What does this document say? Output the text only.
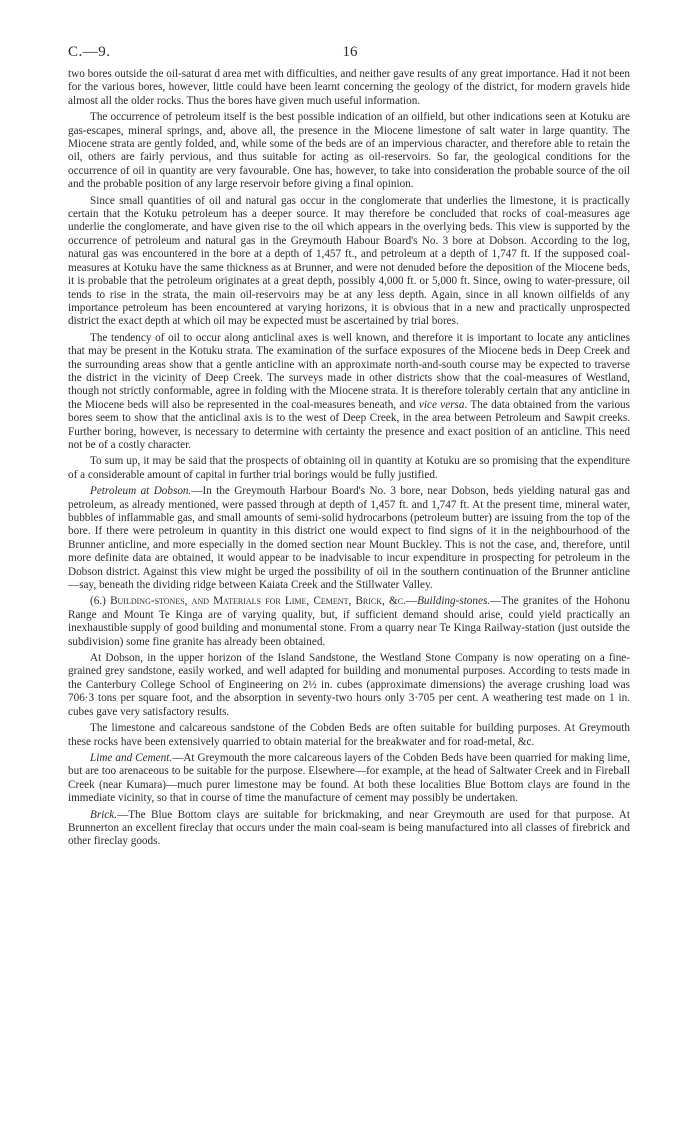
C.—9.	16

two bores outside the oil-saturat d area met with difficulties, and neither gave results of any great importance. Had it not been for the various bores, however, little could have been learnt concerning the geology of the district, for modern gravels hide almost all the older rocks. Thus the bores have given much useful information.

The occurrence of petroleum itself is the best possible indication of an oilfield, but other indications seen at Kotuku are gas-escapes, mineral springs, and, above all, the presence in the Miocene limestone of salt water in large quantity. The Miocene strata are gently folded, and, while some of the beds are of an impervious character, and therefore able to retain the oil, others are fairly pervious, and thus suitable for acting as oil-reservoirs. So far, the geological conditions for the occurrence of oil in quantity are very favourable. One has, however, to take into consideration the probable source of the oil and the probable position of any large reservoir before giving a final opinion.

Since small quantities of oil and natural gas occur in the conglomerate that underlies the limestone, it is practically certain that the Kotuku petroleum has a deeper source. It may therefore be concluded that rocks of coal-measures age underlie the conglomerate, and have given rise to the oil which appears in the overlying beds. This view is supported by the occurrence of petroleum and natural gas in the Greymouth Habour Board's No. 3 bore at Dobson. According to the log, natural gas was encountered in the bore at a depth of 1,457 ft., and petroleum at a depth of 1,747 ft. If the supposed coal-measures at Kotuku have the same thickness as at Brunner, and were not denuded before the deposition of the Miocene beds, it is probable that the petroleum originates at a great depth, possibly 4,000 ft. or 5,000 ft. Since, owing to water-pressure, oil tends to rise in the strata, the main oil-reservoirs may be at any less depth. Again, since in all known oilfields of any importance petroleum has been encountered at varying horizons, it is obvious that in a new and practically unprospected district the exact depth at which oil may be expected must be ascertained by trial bores.

The tendency of oil to occur along anticlinal axes is well known, and therefore it is important to locate any anticlines that may be present in the Kotuku strata. The examination of the surface exposures of the Miocene beds in Deep Creek and the surrounding areas show that a gentle anticline with an approximate north-and-south course may be expected to traverse the district in the vicinity of Deep Creek. The surveys made in other districts show that the coal-measures of Westland, though not strictly conformable, agree in folding with the Miocene strata. It is therefore tolerably certain that any anticline in the Miocene beds will also be represented in the coal-measures beneath, and vice versa. The data obtained from the various bores seem to show that the anticlinal axis is to the west of Deep Creek, in the area between Petroleum and Sawpit creeks. Further boring, however, is necessary to determine with certainty the presence and exact position of an anticline. This need not be of a costly character.

To sum up, it may be said that the prospects of obtaining oil in quantity at Kotuku are so promising that the expenditure of a considerable amount of capital in further trial borings would be fully justified.

Petroleum at Dobson.—In the Greymouth Harbour Board's No. 3 bore, near Dobson, beds yielding natural gas and petroleum, as already mentioned, were passed through at depth of 1,457 ft. and 1,747 ft. At the present time, mineral water, bubbles of inflammable gas, and small amounts of semi-solid hydrocarbons (petroleum butter) are issuing from the top of the bore. If there were petroleum in quantity in this district one would expect to find signs of it in the neighbourhood of the Brunner anticline, and more especially in the domed section near Mount Buckley. This is not the case, and, therefore, until more definite data are obtained, it would appear to be inadvisable to incur expenditure in prospecting for petroleum in the Dobson district. Against this view might be urged the possibility of oil in the southern continuation of the Brunner anticline—say, beneath the dividing ridge between Kaiata Creek and the Stillwater Valley.

(6.) Building-stones, and Materials for Lime, Cement, Brick, &c.—Building-stones.—The granites of the Hohonu Range and Mount Te Kinga are of varying quality, but, if sufficient demand should arise, could yield practically an inexhaustible supply of good building and monumental stone. From a quarry near Te Kinga Railway-station (just outside the subdivision) some fine granite has already been obtained.

At Dobson, in the upper horizon of the Island Sandstone, the Westland Stone Company is now operating on a fine-grained grey sandstone, easily worked, and well adapted for building and monumental purposes. According to tests made in the Canterbury College School of Engineering on 2½ in. cubes (approximate dimensions) the average crushing load was 706·3 tons per square foot, and the absorption in seventy-two hours only 3·705 per cent. A weathering test made on 1 in. cubes gave very satisfactory results.

The limestone and calcareous sandstone of the Cobden Beds are often suitable for building purposes. At Greymouth these rocks have been extensively quarried to obtain material for the breakwater and for road-metal, &c.

Lime and Cement.—At Greymouth the more calcareous layers of the Cobden Beds have been quarried for making lime, but are too arenaceous to be suitable for the purpose. Elsewhere—for example, at the head of Saltwater Creek and in Fireball Creek (near Kumara)—much purer limestone may be found. At both these localities Blue Bottom clays are found in the immediate vicinity, so that in course of time the manufacture of cement may possibly be undertaken.

Brick.—The Blue Bottom clays are suitable for brickmaking, and near Greymouth are used for that purpose. At Brunnerton an excellent fireclay that occurs under the main coal-seam is being manufactured into all classes of firebrick and other fireclay goods.
